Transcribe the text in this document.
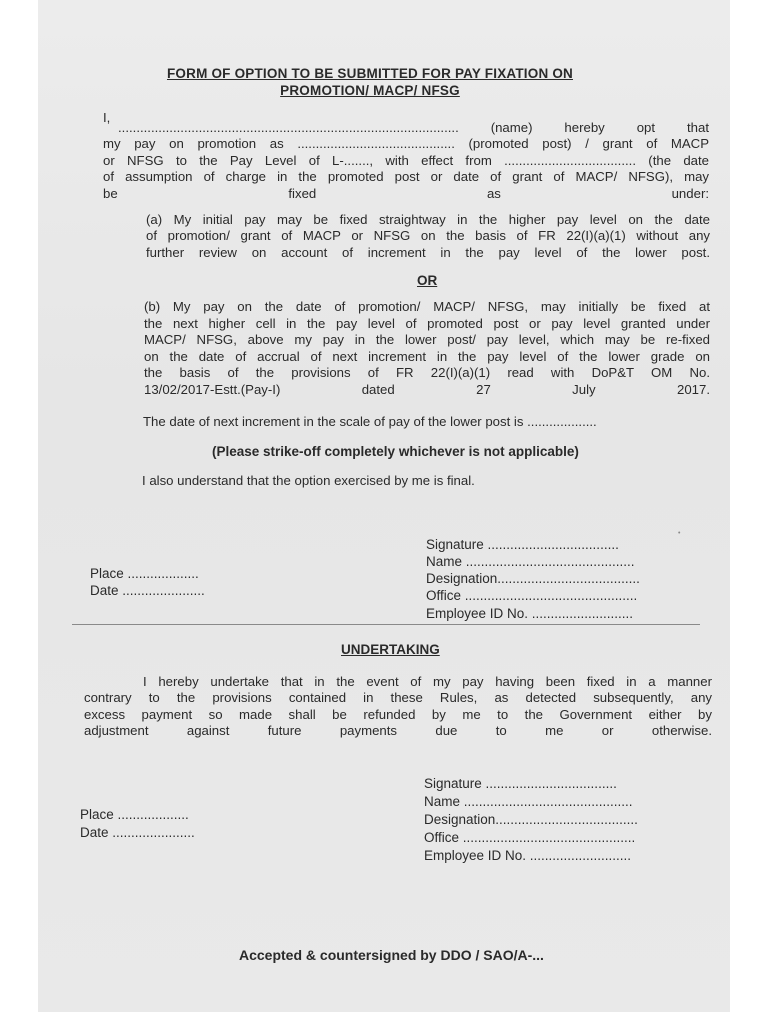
FORM OF OPTION TO BE SUBMITTED FOR PAY FIXATION ON
PROMOTION/ MACP/ NFSG
I,
............................................................................................. (name) hereby opt that
my pay on promotion as ........................................... (promoted post) / grant of MACP
or NFSG to the Pay Level of L-......., with effect from .................................... (the date
of assumption of charge in the promoted post or date of grant of MACP/ NFSG), may
be fixed as under:
(a) My initial pay may be fixed straightway in the higher pay level on the date
of promotion/ grant of MACP or NFSG on the basis of FR 22(I)(a)(1) without any
further review on account of increment in the pay level of the lower post.
OR
(b) My pay on the date of promotion/ MACP/ NFSG, may initially be fixed at
the next higher cell in the pay level of promoted post or pay level granted under
MACP/ NFSG, above my pay in the lower post/ pay level, which may be re-fixed
on the date of accrual of next increment in the pay level of the lower grade on
the basis of the provisions of FR 22(I)(a)(1) read with DoP&T OM No.
13/02/2017-Estt.(Pay-I) dated 27 July 2017.
The date of next increment in the scale of pay of the lower post is ...................
(Please strike-off completely whichever is not applicable)
I also understand that the option exercised by me is final.
•
Signature ...................................
Name .............................................
Designation......................................
Office ..............................................
Employee ID No. ...........................
Place ...................
Date ......................
UNDERTAKING
I hereby undertake that in the event of my pay having been fixed in a manner
contrary to the provisions contained in these Rules, as detected subsequently, any
excess payment so made shall be refunded by me to the Government either by
adjustment against future payments due to me or otherwise.
Signature ...................................
Name .............................................
Designation......................................
Office ..............................................
Employee ID No. ...........................
Place ...................
Date ......................
Accepted & countersigned by DDO / SAO/A-...
